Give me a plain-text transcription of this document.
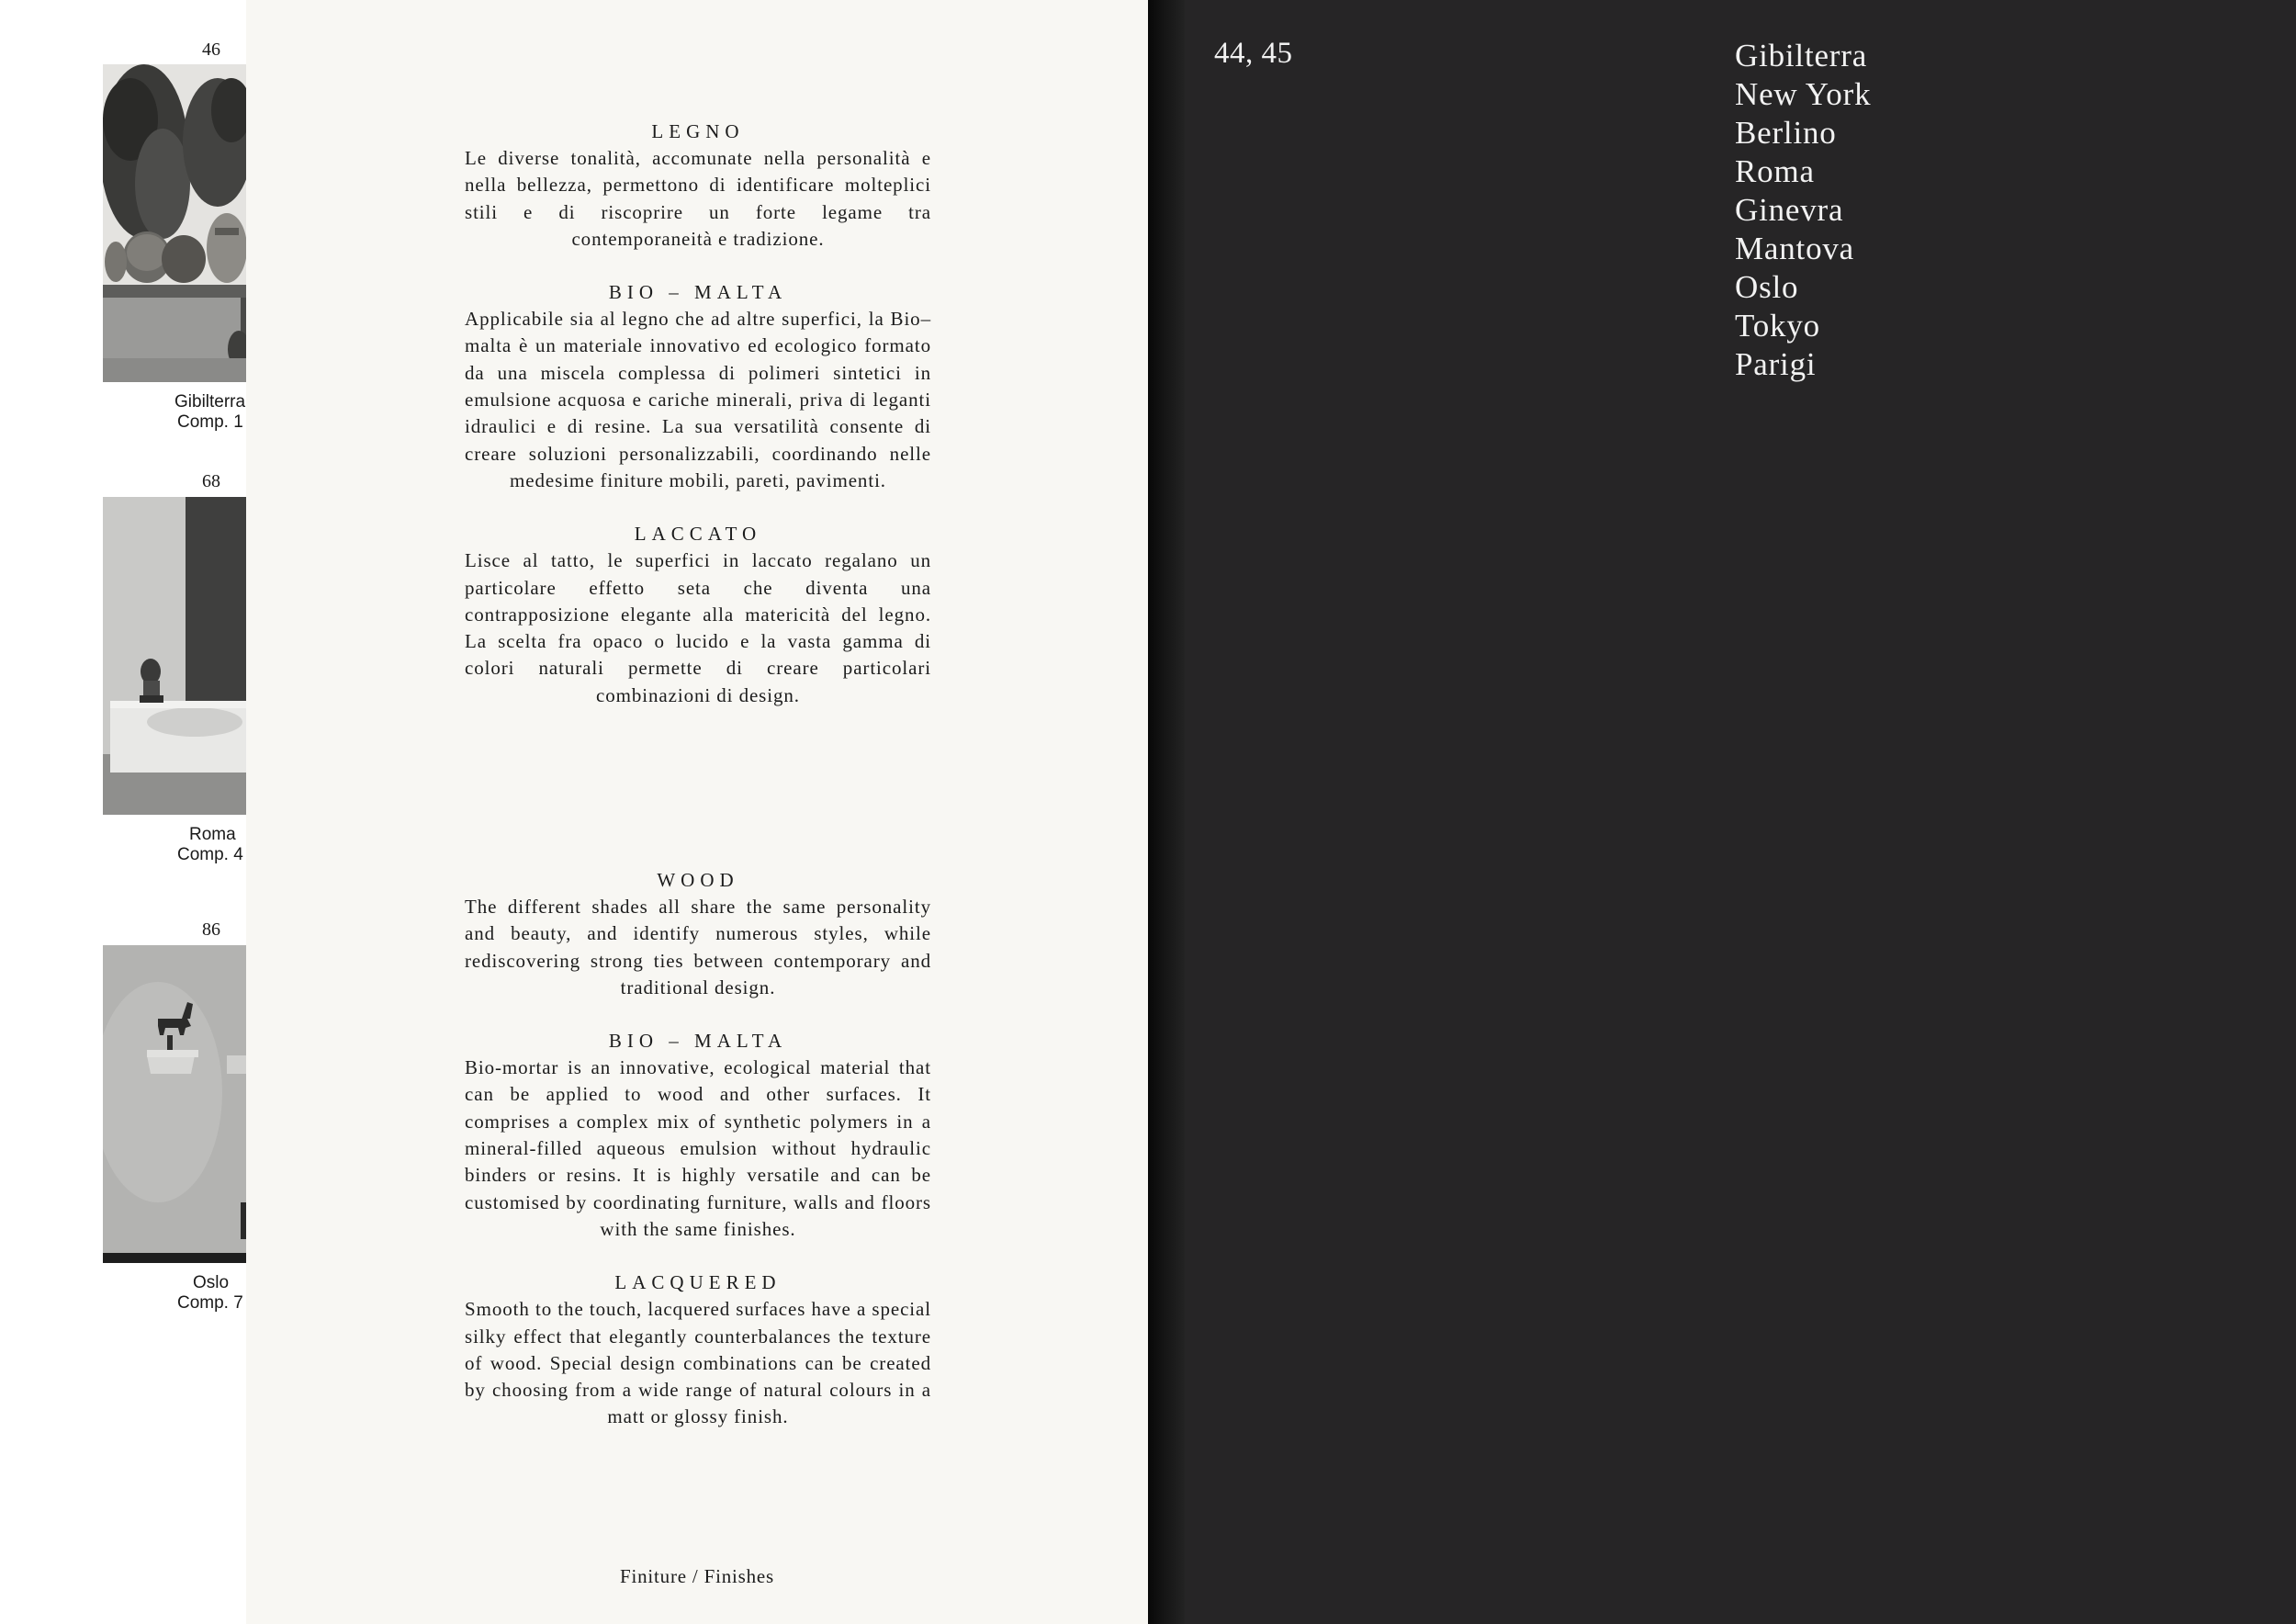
46
Gibilterra
Comp. 1
68
Roma
Comp. 4
86
Oslo
Comp. 7

LEGNO

Le diverse tonalità, accomunate nella personalità e nella bellezza, permettono di identificare molteplici stili e di riscoprire un forte legame tra contemporaneità e tradizione.

BIO – MALTA

Applicabile sia al legno che ad altre superfici, la Bio–malta è un materiale innovativo ed ecologico formato da una miscela complessa di polimeri sintetici in emulsione acquosa e cariche minerali, priva di leganti idraulici e di resine. La sua versatilità consente di creare soluzioni personalizzabili, coordinando nelle medesime finiture mobili, pareti, pavimenti.

LACCATO

Lisce al tatto, le superfici in laccato regalano un particolare effetto seta che diventa una contrapposizione elegante alla matericità del legno. La scelta fra opaco o lucido e la vasta gamma di colori naturali permette di creare particolari combinazioni di design.

WOOD

The different shades all share the same personality and beauty, and identify numerous styles, while rediscovering strong ties between contemporary and traditional design.

BIO – MALTA

Bio-mortar is an innovative, ecological material that can be applied to wood and other surfaces. It comprises a complex mix of synthetic polymers in a mineral-filled aqueous emulsion without hydraulic binders or resins. It is highly versatile and can be customised by coordinating furniture, walls and floors with the same finishes.

LACQUERED

Smooth to the touch, lacquered surfaces have a special silky effect that elegantly counterbalances the texture of wood. Special design combinations can be created by choosing from a wide range of natural colours in a matt or glossy finish.

Finiture / Finishes
44, 45	Gibilterra
New York
Berlino
Roma
Ginevra
Mantova
Oslo
Tokyo
Parigi
